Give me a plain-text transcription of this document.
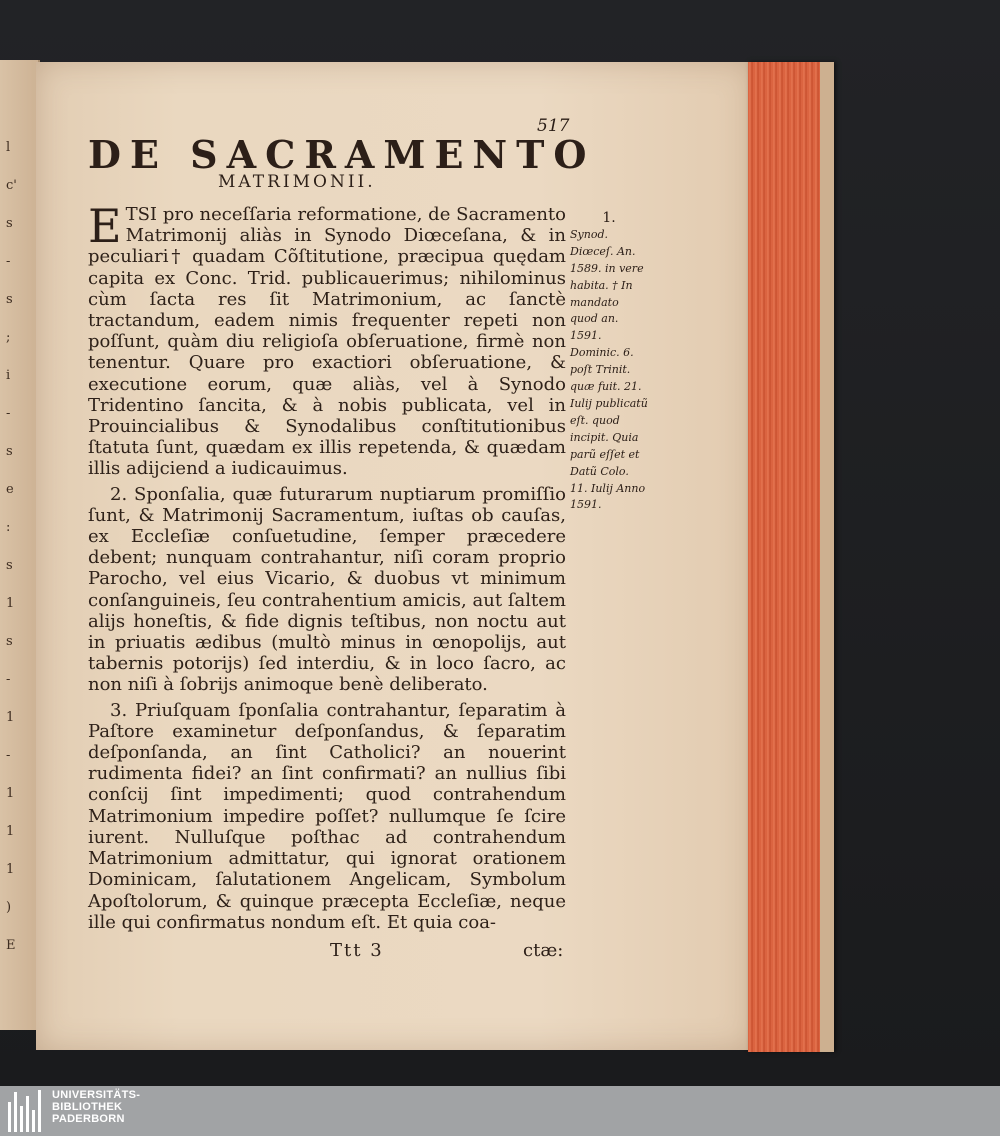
l
c'
s
-
s
;
i
-
s
e
:
s
1
s
-
1
-
1
1
1
)
E
517
DE SACRAMENTO
MATRIMONII.

ETSI pro neceſſaria reformatione, de Sacramento Matrimonij aliàs in Synodo Diœceſana, & in peculiari† quadam Cõſtitutione, præcipua quędam capita ex Conc. Trid. publicauerimus; nihilominus cùm ſacta res ſit Matrimonium, ac ſanctè tractandum, eadem nimis frequenter repeti non poſſunt, quàm diu religioſa obſeruatione, firmè non tenentur. Quare pro exactiori obſeruatione, & executione eorum, quæ aliàs, vel à Synodo Tridentino ſancita, & à nobis publicata, vel in Prouincialibus & Synodalibus conſtitutionibus ſtatuta ſunt, quædam ex illis repetenda, & quædam illis adijciend a iudicauimus.

2. Sponſalia, quæ futurarum nuptiarum promiſſio ſunt, & Matrimonij Sacramentum, iuſtas ob cauſas, ex Eccleſiæ conſuetudine, ſemper præcedere debent; nunquam contrahantur, niſi coram proprio Parocho, vel eius Vicario, & duobus vt minimum conſanguineis, ſeu contrahentium amicis, aut ſaltem alijs honeſtis, & fide dignis teſtibus, non noctu aut in priuatis ædibus (multò minus in œnopolijs, aut tabernis potorijs) ſed interdiu, & in loco ſacro, ac non niſi à ſobrijs animoque benè deliberato.

3. Priuſquam ſponſalia contrahantur, ſeparatim à Paſtore examinetur deſponſandus, & ſeparatim deſponſanda, an ſint Catholici? an nouerint rudimenta fidei? an ſint confirmati? an nullius ſibi conſcij ſint impedimenti; quod contrahendum Matrimonium impedire poſſet? nullumque ſe ſcire iurent. Nulluſque poſthac ad contrahendum Matrimonium admittatur, qui ignorat orationem Dominicam, ſalutationem Angelicam, Symbolum Apoſtolorum, & quinque præcepta Eccleſiæ, neque ille qui confirmatus nondum eſt. Et quia coa-

1.
Synod. Diœceſ. An. 1589. in vere habita. † In mandato quod an. 1591. Dominic. 6. poſt Trinit. quæ fuit. 21. Iulij publicatũ eſt. quod incipit. Quia parũ eſſet et Datũ Colo. 11. Iulij Anno 1591.
Ttt 3	ctæ:
UNIVERSITÄTS-
BIBLIOTHEK
PADERBORN
